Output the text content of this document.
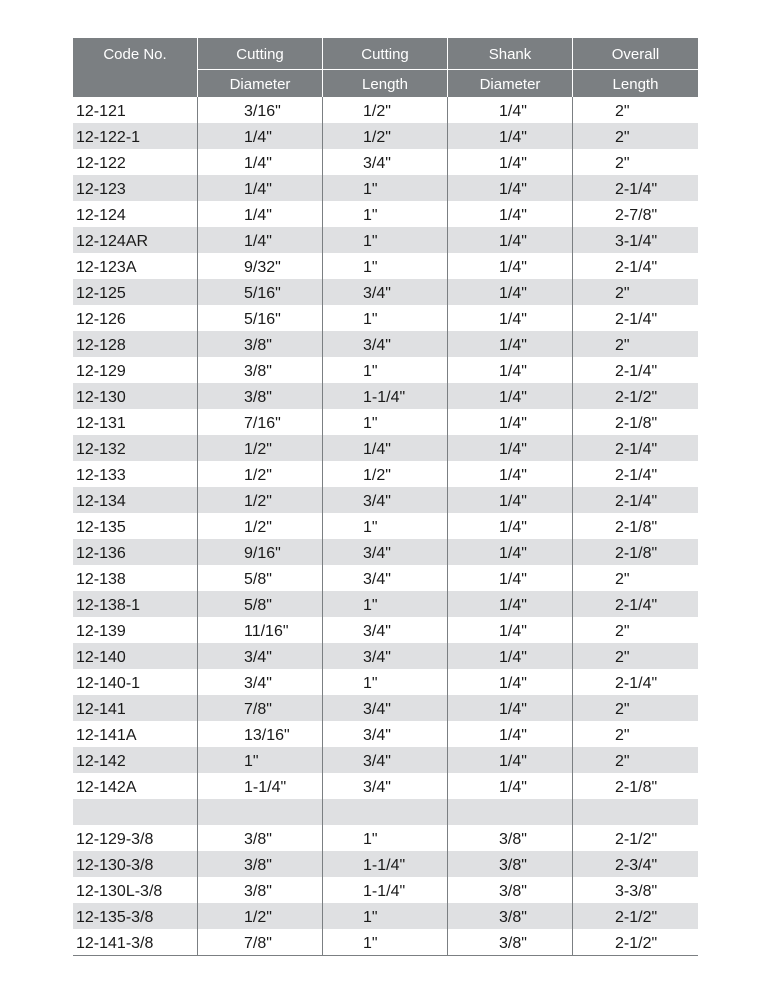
Code No.	Cutting	Cutting	Shank	Overall
Diameter	Length	Diameter	Length
12-121	3/16"	1/2"	1/4"	2"
12-122-1	1/4"	1/2"	1/4"	2"
12-122	1/4"	3/4"	1/4"	2"
12-123	1/4"	1"	1/4"	2-1/4"
12-124	1/4"	1"	1/4"	2-7/8"
12-124AR	1/4"	1"	1/4"	3-1/4"
12-123A	9/32"	1"	1/4"	2-1/4"
12-125	5/16"	3/4"	1/4"	2"
12-126	5/16"	1"	1/4"	2-1/4"
12-128	3/8"	3/4"	1/4"	2"
12-129	3/8"	1"	1/4"	2-1/4"
12-130	3/8"	1-1/4"	1/4"	2-1/2"
12-131	7/16"	1"	1/4"	2-1/8"
12-132	1/2"	1/4"	1/4"	2-1/4"
12-133	1/2"	1/2"	1/4"	2-1/4"
12-134	1/2"	3/4"	1/4"	2-1/4"
12-135	1/2"	1"	1/4"	2-1/8"
12-136	9/16"	3/4"	1/4"	2-1/8"
12-138	5/8"	3/4"	1/4"	2"
12-138-1	5/8"	1"	1/4"	2-1/4"
12-139	11/16"	3/4"	1/4"	2"
12-140	3/4"	3/4"	1/4"	2"
12-140-1	3/4"	1"	1/4"	2-1/4"
12-141	7/8"	3/4"	1/4"	2"
12-141A	13/16"	3/4"	1/4"	2"
12-142	1"	3/4"	1/4"	2"
12-142A	1-1/4"	3/4"	1/4"	2-1/8"
12-129-3/8	3/8"	1"	3/8"	2-1/2"
12-130-3/8	3/8"	1-1/4"	3/8"	2-3/4"
12-130L-3/8	3/8"	1-1/4"	3/8"	3-3/8"
12-135-3/8	1/2"	1"	3/8"	2-1/2"
12-141-3/8	7/8"	1"	3/8"	2-1/2"
